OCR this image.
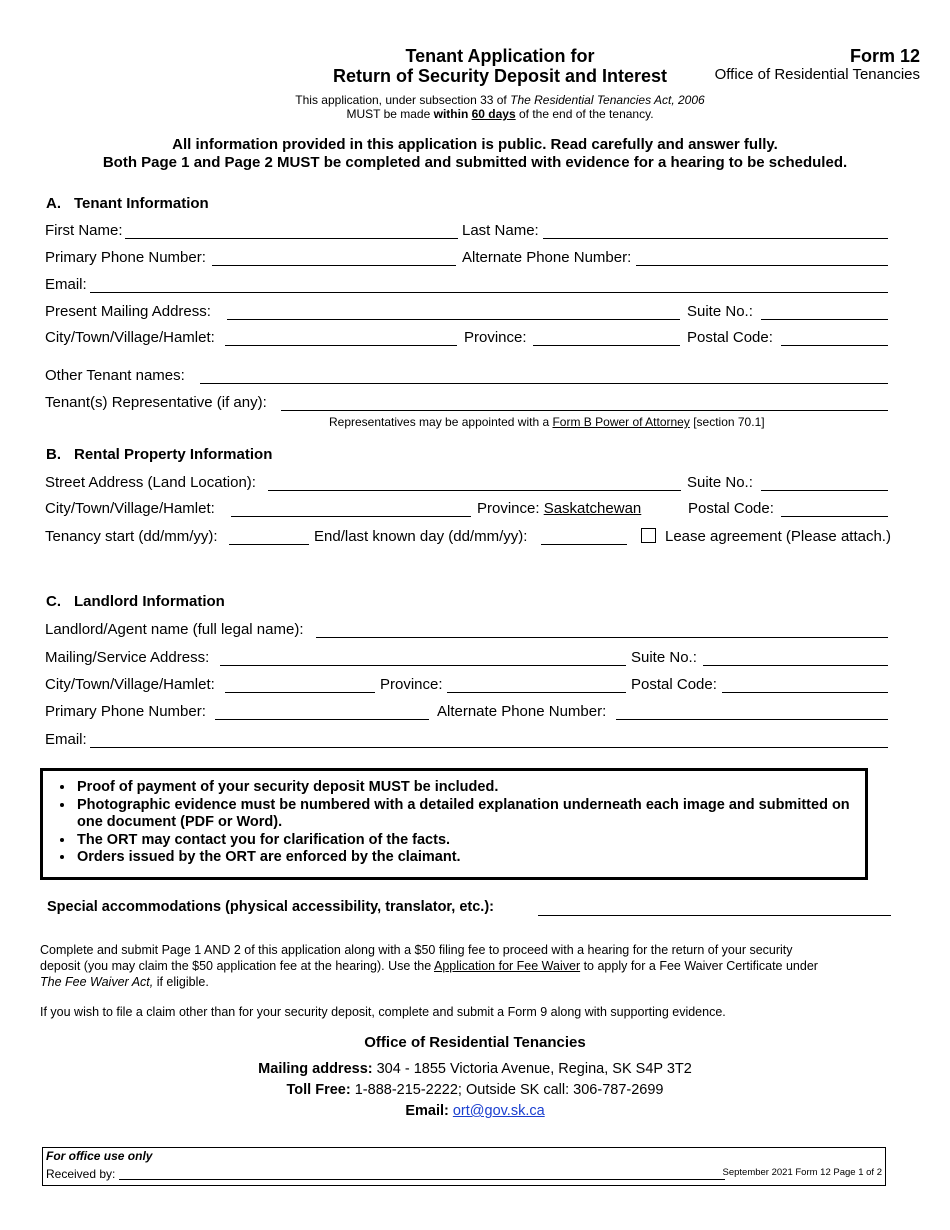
Tenant Application for
Return of Security Deposit and Interest
Form 12
Office of Residential Tenancies
This application, under subsection 33 of The Residential Tenancies Act, 2006
MUST be made within 60 days of the end of the tenancy.
All information provided in this application is public. Read carefully and answer fully.
Both Page 1 and Page 2 MUST be completed and submitted with evidence for a hearing to be scheduled.
A. Tenant Information
First Name:	Last Name:
Primary Phone Number:	Alternate Phone Number:
Email:
Present Mailing Address:	Suite No.:
City/Town/Village/Hamlet:	Province:	Postal Code:
Other Tenant names:
Tenant(s) Representative (if any):
Representatives may be appointed with a Form B Power of Attorney [section 70.1]
B. Rental Property Information
Street Address (Land Location):	Suite No.:
City/Town/Village/Hamlet:	Province: Saskatchewan	Postal Code:
Tenancy start (dd/mm/yy):	End/last known day (dd/mm/yy):	Lease agreement (Please attach.)
C. Landlord Information
Landlord/Agent name (full legal name):
Mailing/Service Address:	Suite No.:
City/Town/Village/Hamlet:	Province:	Postal Code:
Primary Phone Number:	Alternate Phone Number:
Email:
• Proof of payment of your security deposit MUST be included.
• Photographic evidence must be numbered with a detailed explanation underneath each image and submitted on one document (PDF or Word).
• The ORT may contact you for clarification of the facts.
• Orders issued by the ORT are enforced by the claimant.
Special accommodations (physical accessibility, translator, etc.):
Complete and submit Page 1 AND 2 of this application along with a $50 filing fee to proceed with a hearing for the return of your security deposit (you may claim the $50 application fee at the hearing). Use the Application for Fee Waiver to apply for a Fee Waiver Certificate under The Fee Waiver Act, if eligible.
If you wish to file a claim other than for your security deposit, complete and submit a Form 9 along with supporting evidence.
Office of Residential Tenancies
Mailing address: 304 - 1855 Victoria Avenue, Regina, SK S4P 3T2
Toll Free: 1-888-215-2222; Outside SK call: 306-787-2699
Email: ort@gov.sk.ca
For office use only
Received by:	September 2021 Form 12 Page 1 of 2
